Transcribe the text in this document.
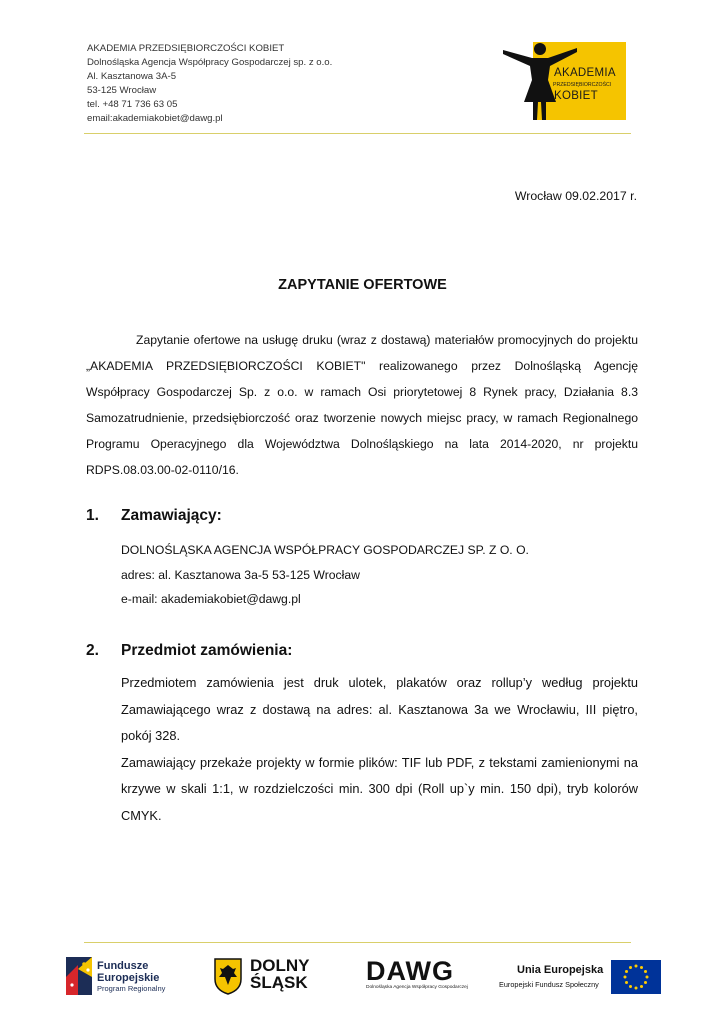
AKADEMIA PRZEDSIĘBIORCZOŚCI KOBIET
Dolnośląska Agencja Współpracy Gospodarczej sp. z o.o.
Al. Kasztanowa 3A-5
53-125 Wrocław
tel. +48 71 736 63 05
email:akademiakobiet@dawg.pl
AKADEMIA
PRZEDSIĘBIORCZOŚCI
KOBIET
Wrocław 09.02.2017 r.
ZAPYTANIE OFERTOWE
Zapytanie ofertowe na usługę druku (wraz z dostawą) materiałów promocyjnych do projektu „AKADEMIA PRZEDSIĘBIORCZOŚCI KOBIET" realizowanego przez Dolnośląską Agencję Współpracy Gospodarczej Sp. z o.o. w ramach Osi priorytetowej 8 Rynek pracy, Działania 8.3 Samozatrudnienie, przedsiębiorczość oraz tworzenie nowych miejsc pracy, w ramach Regionalnego Programu Operacyjnego dla Województwa Dolnośląskiego na lata 2014-2020, nr projektu RDPS.08.03.00-02-0110/16.
1. Zamawiający:
DOLNOŚLĄSKA AGENCJA WSPÓŁPRACY GOSPODARCZEJ SP. Z O. O.
adres: al. Kasztanowa 3a-5 53-125 Wrocław
e-mail: akademiakobiet@dawg.pl
2. Przedmiot zamówienia:

Przedmiotem zamówienia jest druk ulotek, plakatów oraz rollup’y według projektu Zamawiającego wraz z dostawą na adres: al. Kasztanowa 3a we Wrocławiu, III piętro, pokój 328.

Zamawiający przekaże projekty w formie plików: TIF lub PDF, z tekstami zamienionymi na krzywe w skali 1:1, w rozdzielczości min. 300 dpi (Roll up`y min. 150 dpi), tryb kolorów CMYK.

Fundusze
Europejskie
Program Regionalny
DOLNY
ŚLĄSK DAWG
Dolnośląska Agencja Współpracy Gospodarczej
Unia Europejska
Europejski Fundusz Społeczny
